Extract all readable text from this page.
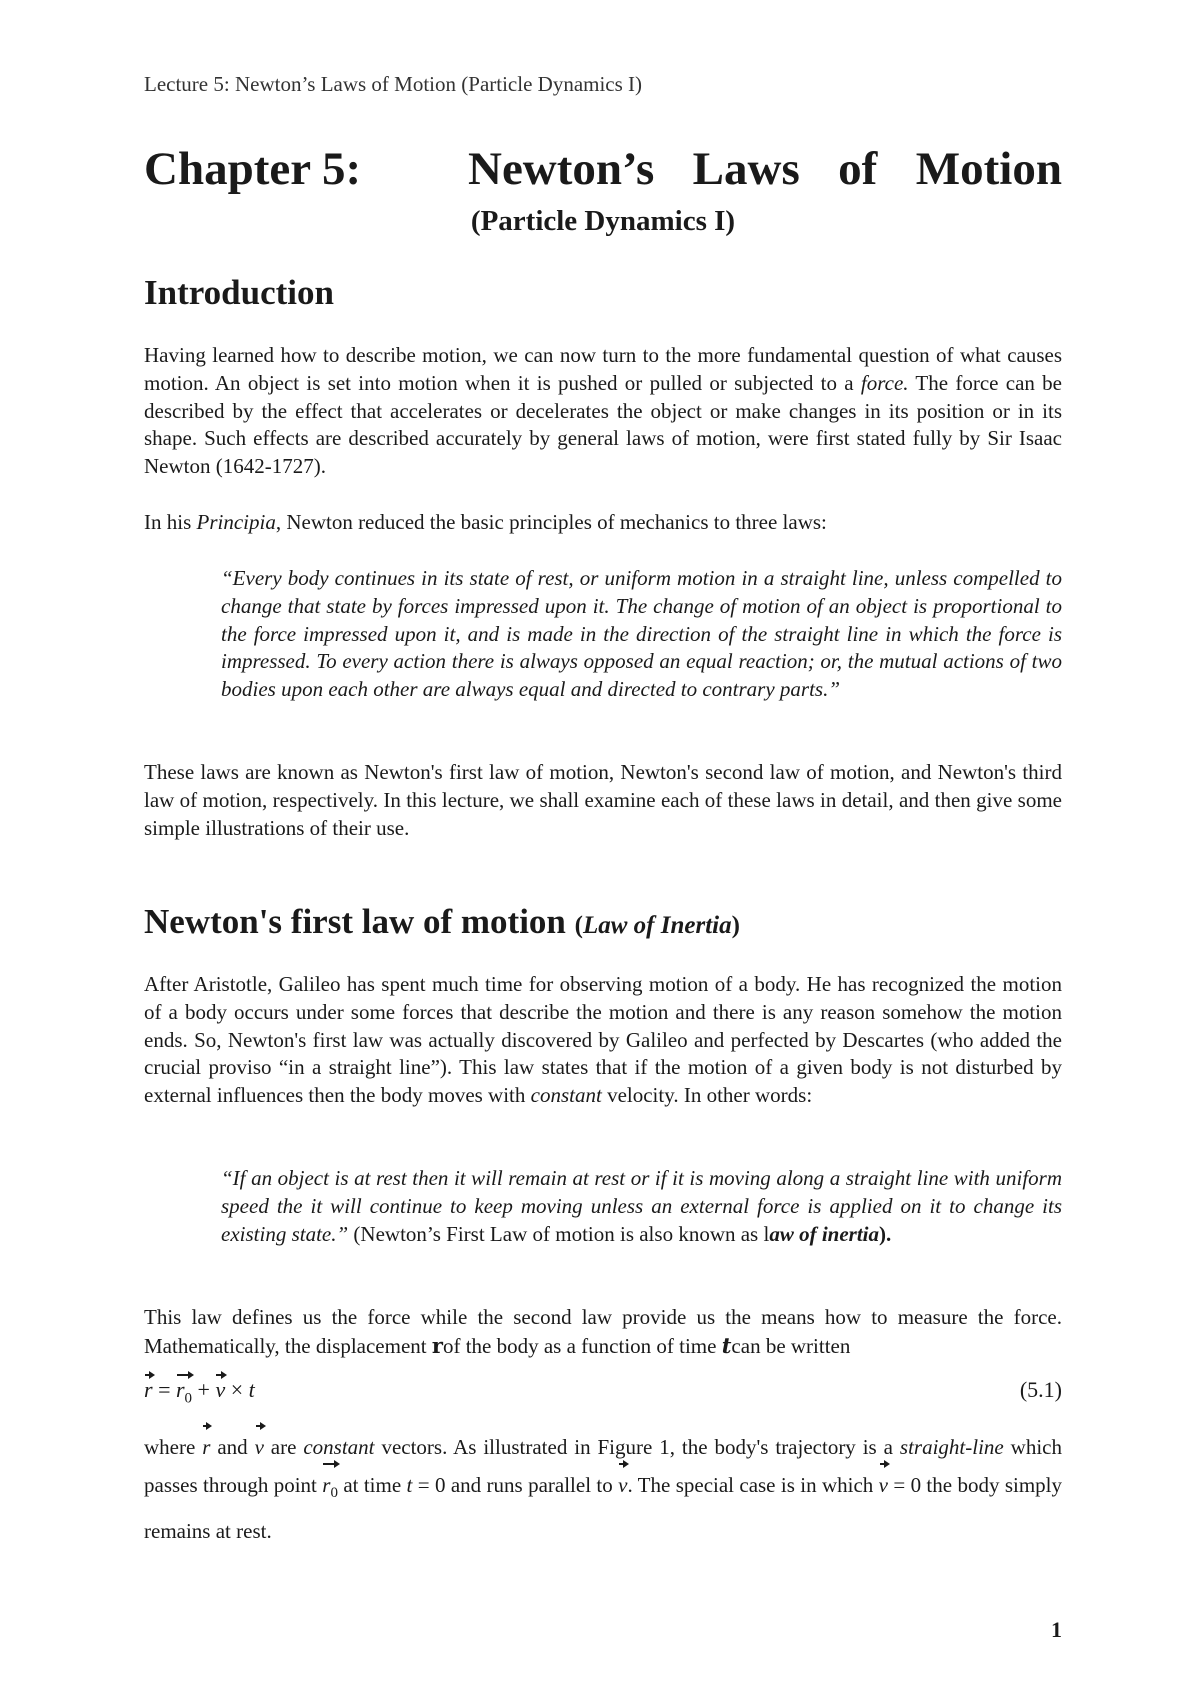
Lecture 5: Newton’s Laws of Motion (Particle Dynamics I)
Chapter 5: Newton’s Laws of Motion
(Particle Dynamics I)
Introduction

Having learned how to describe motion, we can now turn to the more fundamental question of what causes motion. An object is set into motion when it is pushed or pulled or subjected to a force. The force can be described by the effect that accelerates or decelerates the object or make changes in its position or in its shape. Such effects are described accurately by general laws of motion, were first stated fully by Sir Isaac Newton (1642-1727).

In his Principia, Newton reduced the basic principles of mechanics to three laws:

“Every body continues in its state of rest, or uniform motion in a straight line, unless compelled to change that state by forces impressed upon it. The change of motion of an object is proportional to the force impressed upon it, and is made in the direction of the straight line in which the force is impressed. To every action there is always opposed an equal reaction; or, the mutual actions of two bodies upon each other are always equal and directed to contrary parts.”

These laws are known as Newton's first law of motion, Newton's second law of motion, and Newton's third law of motion, respectively. In this lecture, we shall examine each of these laws in detail, and then give some simple illustrations of their use.

Newton's first law of motion (Law of Inertia)

After Aristotle, Galileo has spent much time for observing motion of a body. He has recognized the motion of a body occurs under some forces that describe the motion and there is any reason somehow the motion ends. So, Newton's first law was actually discovered by Galileo and perfected by Descartes (who added the crucial proviso “in a straight line”). This law states that if the motion of a given body is not disturbed by external influences then the body moves with constant velocity. In other words:

“If an object is at rest then it will remain at rest or if it is moving along a straight line with uniform speed the it will continue to keep moving unless an external force is applied on it to change its existing state.” (Newton’s First Law of motion is also known as law of inertia).

This law defines us the force while the second law provide us the means how to measure the force. Mathematically, the displacement rof the body as a function of time tcan be written

$r = r_0 + v \times t$	(5.1)

where r and v are constant vectors. As illustrated in Figure 1, the body's trajectory is a straight-line which passes through point $r_0$ at time t = 0 and runs parallel to v. The special case is in which v = 0 the body simply remains at rest.

1
